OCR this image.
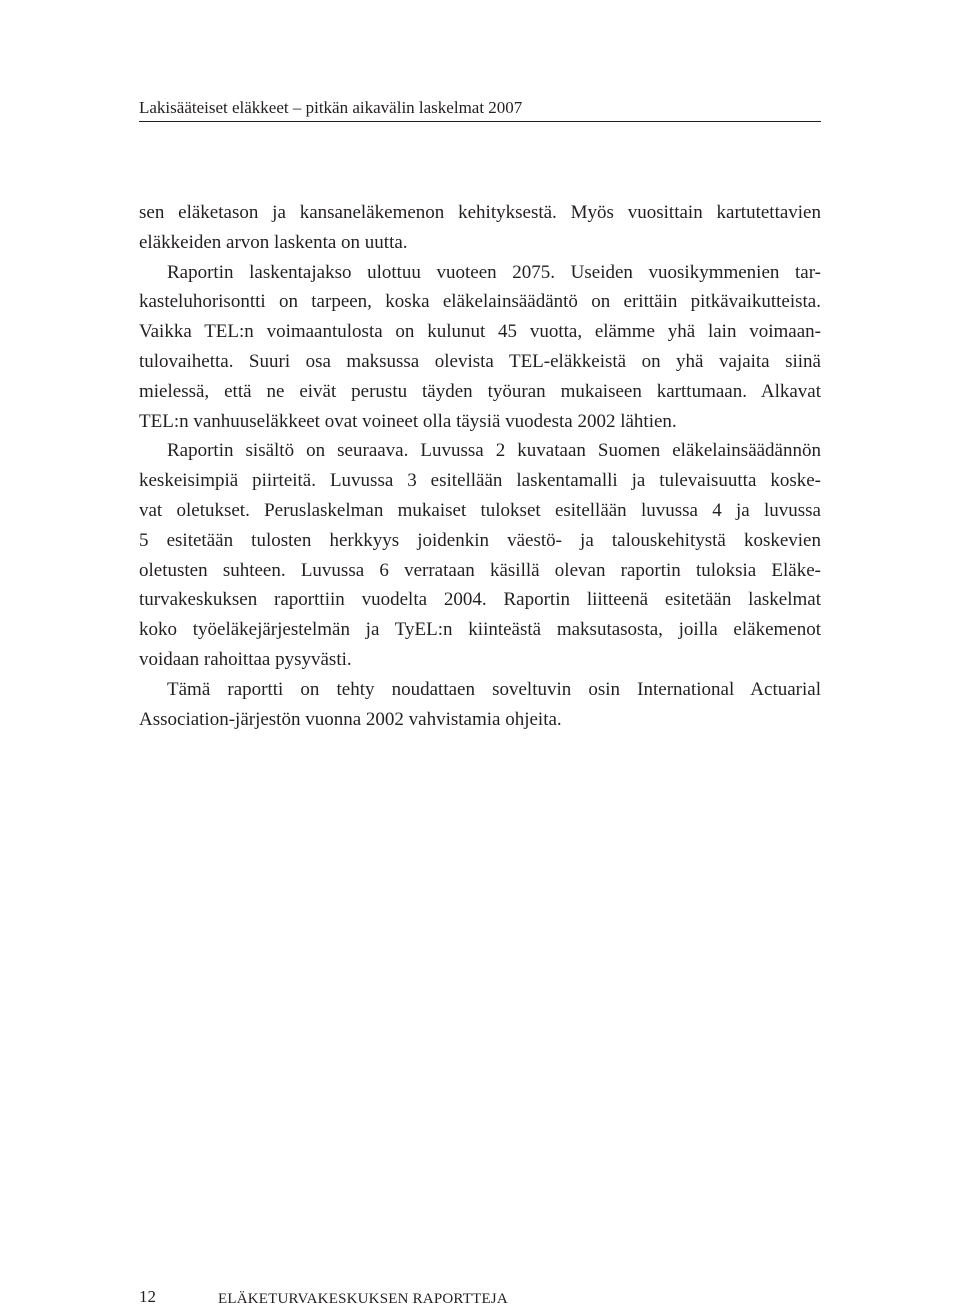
Lakisääteiset eläkkeet – pitkän aikavälin laskelmat 2007
sen eläketason ja kansaneläkemenon kehityksestä. Myös vuosittain kartutettavien
eläkkeiden arvon laskenta on uutta.
Raportin laskentajakso ulottuu vuoteen 2075. Useiden vuosikymmenien tar-
kasteluhorisontti on tarpeen, koska eläkelainsäädäntö on erittäin pitkävaikutteista.
Vaikka TEL:n voimaantulosta on kulunut 45 vuotta, elämme yhä lain voimaan-
tulovaihetta. Suuri osa maksussa olevista TEL-eläkkeistä on yhä vajaita siinä
mielessä, että ne eivät perustu täyden työuran mukaiseen karttumaan. Alkavat
TEL:n vanhuuseläkkeet ovat voineet olla täysiä vuodesta 2002 lähtien.
Raportin sisältö on seuraava. Luvussa 2 kuvataan Suomen eläkelainsäädännön
keskeisimpiä piirteitä. Luvussa 3 esitellään laskentamalli ja tulevaisuutta koske-
vat oletukset. Peruslaskelman mukaiset tulokset esitellään luvussa 4 ja luvussa
5 esitetään tulosten herkkyys joidenkin väestö- ja talouskehitystä koskevien
oletusten suhteen. Luvussa 6 verrataan käsillä olevan raportin tuloksia Eläke-
turvakeskuksen raporttiin vuodelta 2004. Raportin liitteenä esitetään laskelmat
koko työeläkejärjestelmän ja TyEL:n kiinteästä maksutasosta, joilla eläkemenot
voidaan rahoittaa pysyvästi.
Tämä raportti on tehty noudattaen soveltuvin osin International Actuarial
Association-järjestön vuonna 2002 vahvistamia ohjeita.
12	ELÄKETURVAKESKUKSEN RAPORTTEJA
